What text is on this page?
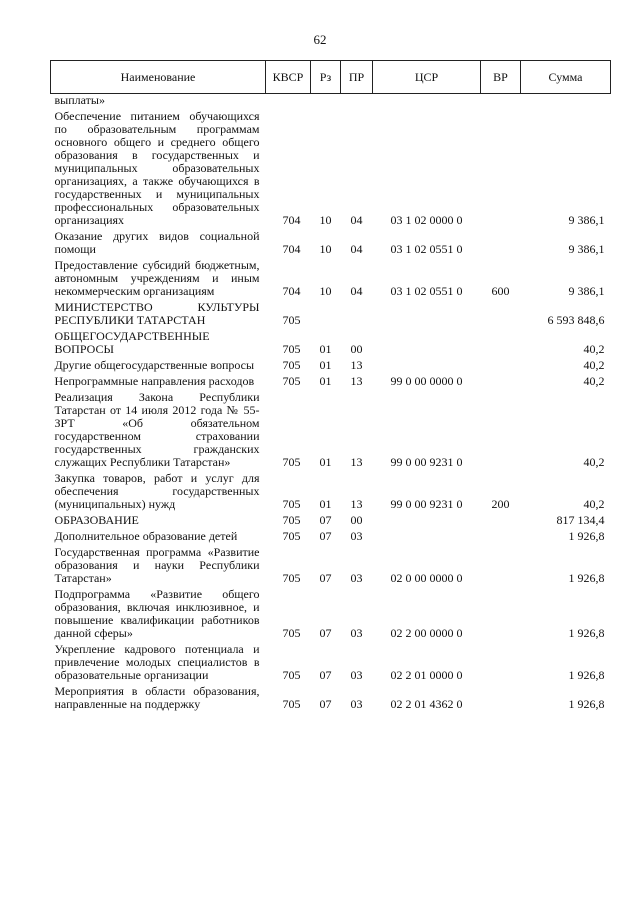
62
Наименование	КВСР	Рз	ПР	ЦСР	ВР	Сумма
выплаты»						
Обеспечение питанием обучающихся по образовательным программам основного общего и среднего общего образования в государственных и муниципальных образовательных организациях, а также обучающихся в государственных и муниципальных профессиональных образовательных организациях	704	10	04	03 1 02 0000 0		9 386,1
Оказание других видов социальной помощи	704	10	04	03 1 02 0551 0		9 386,1
Предоставление субсидий бюджетным, автономным учреждениям и иным некоммерческим организациям	704	10	04	03 1 02 0551 0	600	9 386,1
МИНИСТЕРСТВО КУЛЬТУРЫ РЕСПУБЛИКИ ТАТАРСТАН	705					6 593 848,6
ОБЩЕГОСУДАРСТВЕННЫЕ ВОПРОСЫ	705	01	00			40,2
Другие общегосударственные вопросы	705	01	13			40,2
Непрограммные направления расходов	705	01	13	99 0 00 0000 0		40,2
Реализация Закона Республики Татарстан от 14 июля 2012 года № 55-ЗРТ «Об обязательном государственном страховании государственных гражданских служащих Республики Татарстан»	705	01	13	99 0 00 9231 0		40,2
Закупка товаров, работ и услуг для обеспечения государственных (муниципальных) нужд	705	01	13	99 0 00 9231 0	200	40,2
ОБРАЗОВАНИЕ	705	07	00			817 134,4
Дополнительное образование детей	705	07	03			1 926,8
Государственная программа «Развитие образования и науки Республики Татарстан»	705	07	03	02 0 00 0000 0		1 926,8
Подпрограмма «Развитие общего образования, включая инклюзивное, и повышение квалификации работников данной сферы»	705	07	03	02 2 00 0000 0		1 926,8
Укрепление кадрового потенциала и привлечение молодых специалистов в образовательные организации	705	07	03	02 2 01 0000 0		1 926,8
Мероприятия в области образования, направленные на поддержку	705	07	03	02 2 01 4362 0		1 926,8
